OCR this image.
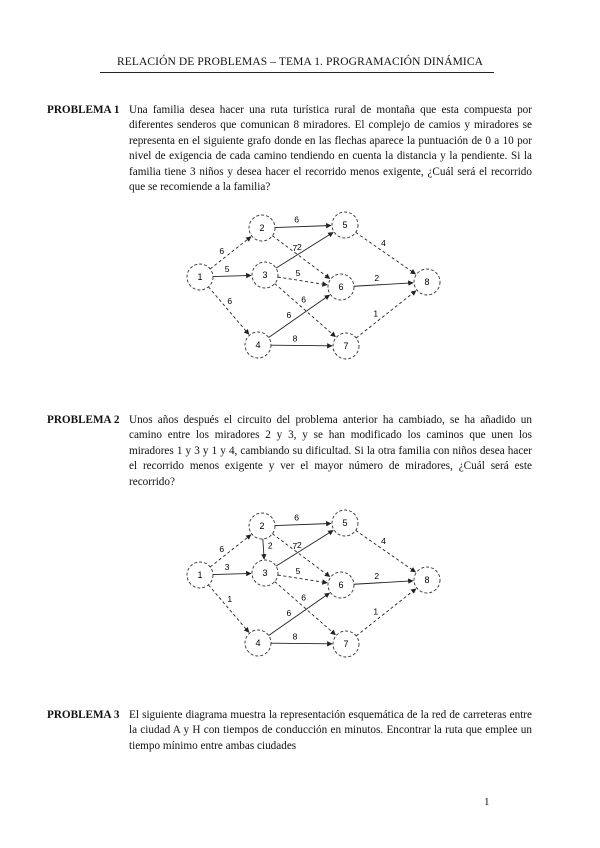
RELACIÓN DE PROBLEMAS – TEMA 1. PROGRAMACIÓN DINÁMICA
PROBLEMA 1 Una familia desea hacer una ruta turística rural de montaña que esta compuesta por diferentes senderos que comunican 8 miradores. El complejo de camios y miradores se representa en el siguiente grafo donde en las flechas aparece la puntuación de 0 a 10 por nivel de exigencia de cada camino tendiendo en cuenta la distancia y la pendiente. Si la familia tiene 3 niños y desea hacer el recorrido menos exigente, ¿Cuál será el recorrido que se recomiende a la familia?
6
5
6
6
2
7
5
6
6
8
4
2
1
1
2
3
4
5
6
7
8
PROBLEMA 2 Unos años después el circuito del problema anterior ha cambiado, se ha añadido un camino entre los miradores 2 y 3, y se han modificado los caminos que unen los miradores 1 y 3 y 1 y 4, cambiando su dificultad. Si la otra familia con niños desea hacer el recorrido menos exigente y ver el mayor número de miradores, ¿Cuál será este recorrido?
6
3
1
2
6
2
7
5
6
6
8
4
2
1
1
2
3
4
5
6
7
8
PROBLEMA 3 El siguiente diagrama muestra la representación esquemática de la red de carreteras entre la ciudad A y H con tiempos de conducción en minutos. Encontrar la ruta que emplee un tiempo mínimo entre ambas ciudades
1
